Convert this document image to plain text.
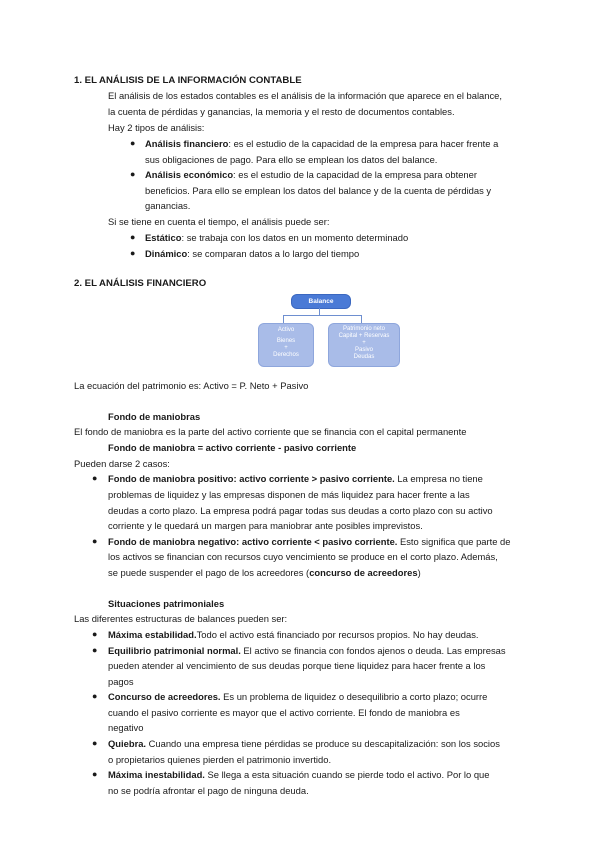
1. EL ANÁLISIS DE LA INFORMACIÓN CONTABLE
El análisis de los estados contables es el análisis de la información que aparece en el balance,
la cuenta de pérdidas y ganancias, la memoria y el resto de documentos contables.
Hay 2 tipos de análisis:
● Análisis financiero: es el estudio de la capacidad de la empresa para hacer frente a
sus obligaciones de pago. Para ello se emplean los datos del balance.
● Análisis económico: es el estudio de la capacidad de la empresa para obtener
beneficios. Para ello se emplean los datos del balance y de la cuenta de pérdidas y
ganancias.
Si se tiene en cuenta el tiempo, el análisis puede ser:
● Estático: se trabaja con los datos en un momento determinado
● Dinámico: se comparan datos a lo largo del tiempo
2. EL ANÁLISIS FINANCIERO
Balance
Activo
Bienes
+
Derechos
Patrimonio neto
Capital + Reservas
+
Pasivo
Deudas
La ecuación del patrimonio es: Activo = P. Neto + Pasivo
Fondo de maniobras
El fondo de maniobra es la parte del activo corriente que se financia con el capital permanente
Fondo de maniobra = activo corriente - pasivo corriente
Pueden darse 2 casos:
● Fondo de maniobra positivo: activo corriente > pasivo corriente. La empresa no tiene
problemas de liquidez y las empresas disponen de más liquidez para hacer frente a las
deudas a corto plazo. La empresa podrá pagar todas sus deudas a corto plazo con su activo
corriente y le quedará un margen para maniobrar ante posibles imprevistos.
● Fondo de maniobra negativo: activo corriente < pasivo corriente. Esto significa que parte de
los activos se financian con recursos cuyo vencimiento se produce en el corto plazo. Además,
se puede suspender el pago de los acreedores (concurso de acreedores)
Situaciones patrimoniales
Las diferentes estructuras de balances pueden ser:
● Máxima estabilidad.Todo el activo está financiado por recursos propios. No hay deudas.
● Equilibrio patrimonial normal. El activo se financia con fondos ajenos o deuda. Las empresas
pueden atender al vencimiento de sus deudas porque tiene liquidez para hacer frente a los
pagos
● Concurso de acreedores. Es un problema de liquidez o desequilibrio a corto plazo; ocurre
cuando el pasivo corriente es mayor que el activo corriente. El fondo de maniobra es
negativo
● Quiebra. Cuando una empresa tiene pérdidas se produce su descapitalización: son los socios
o propietarios quienes pierden el patrimonio invertido.
● Máxima inestabilidad. Se llega a esta situación cuando se pierde todo el activo. Por lo que
no se podría afrontar el pago de ninguna deuda.
